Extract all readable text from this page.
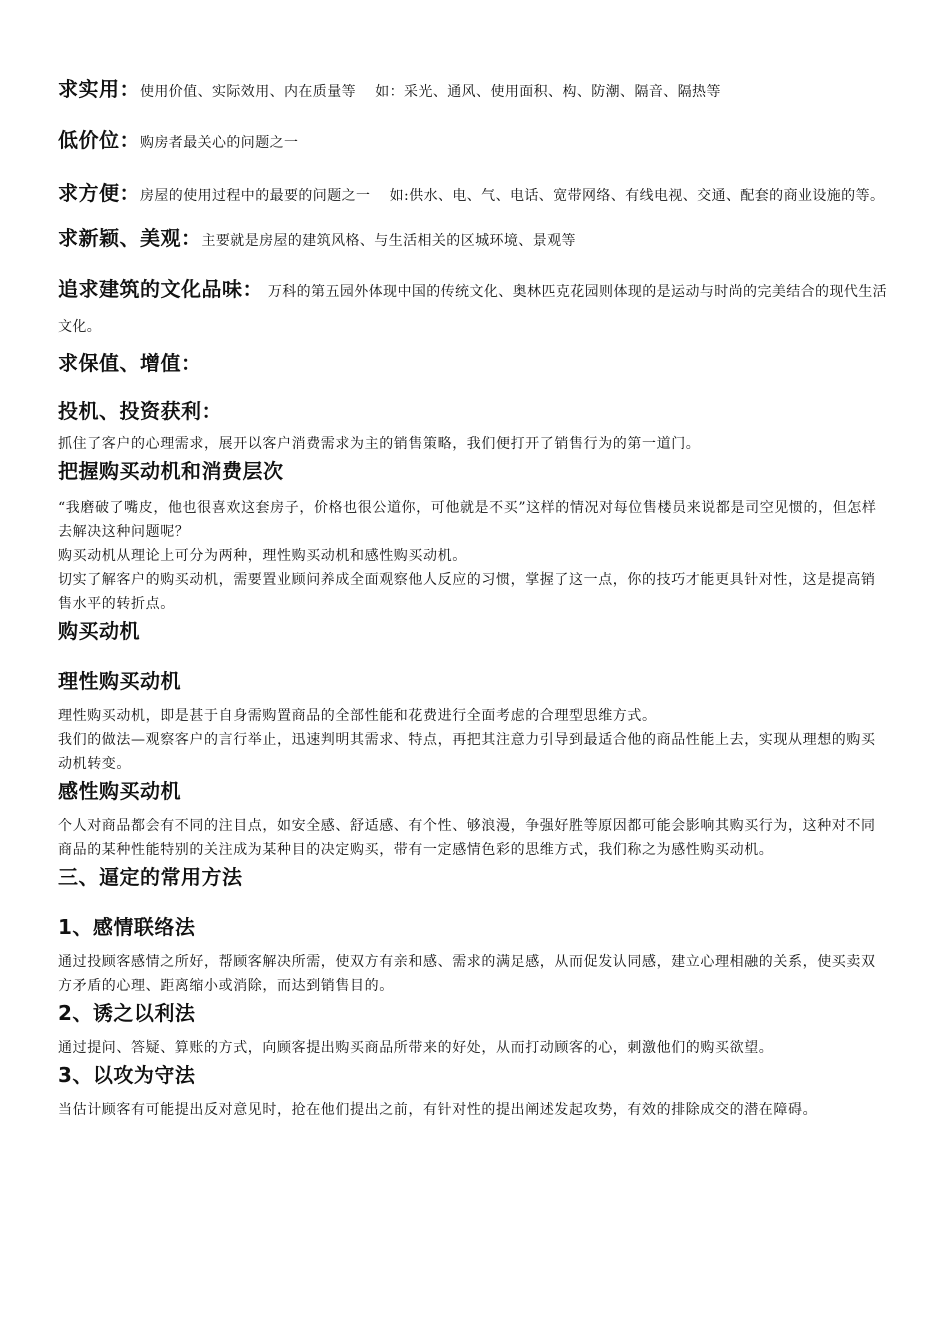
求实用：使用价值、实际效用、内在质量等　 如：采光、通风、使用面积、构、防潮、隔音、隔热等

低价位：购房者最关心的问题之一

求方便：房屋的使用过程中的最要的问题之一　 如:供水、电、气、电话、宽带网络、有线电视、交通、配套的商业设施的等。

求新颖、美观：主要就是房屋的建筑风格、与生活相关的区城环境、景观等

追求建筑的文化品味： 万科的第五园外体现中国的传统文化、奥林匹克花园则体现的是运动与时尚的完美结合的现代生活文化。

求保值、增值：
投机、投资获利：

抓住了客户的心理需求，展开以客户消费需求为主的销售策略，我们便打开了销售行为的第一道门。

把握购买动机和消费层次

“我磨破了嘴皮，他也很喜欢这套房子，价格也很公道你，可他就是不买”这样的情况对每位售楼员来说都是司空见惯的，但怎样去解决这种问题呢？

购买动机从理论上可分为两种，理性购买动机和感性购买动机。

切实了解客户的购买动机，需要置业顾问养成全面观察他人反应的习惯，掌握了这一点，你的技巧才能更具针对性，这是提高销售水平的转折点。

购买动机
理性购买动机

理性购买动机，即是甚于自身需购置商品的全部性能和花费进行全面考虑的合理型思维方式。

我们的做法—观察客户的言行举止，迅速判明其需求、特点，再把其注意力引导到最适合他的商品性能上去，实现从理想的购买动机转变。

感性购买动机

个人对商品都会有不同的注目点，如安全感、舒适感、有个性、够浪漫，争强好胜等原因都可能会影响其购买行为，这种对不同商品的某种性能特别的关注成为某种目的决定购买，带有一定感情色彩的思维方式，我们称之为感性购买动机。

三、逼定的常用方法
1、感情联络法

通过投顾客感情之所好，帮顾客解决所需，使双方有亲和感、需求的满足感，从而促发认同感，建立心理相融的关系，使买卖双方矛盾的心理、距离缩小或消除，而达到销售目的。

2、诱之以利法

通过提问、答疑、算账的方式，向顾客提出购买商品所带来的好处，从而打动顾客的心，刺激他们的购买欲望。

3、以攻为守法

当估计顾客有可能提出反对意见时，抢在他们提出之前，有针对性的提出阐述发起攻势，有效的排除成交的潜在障碍。
